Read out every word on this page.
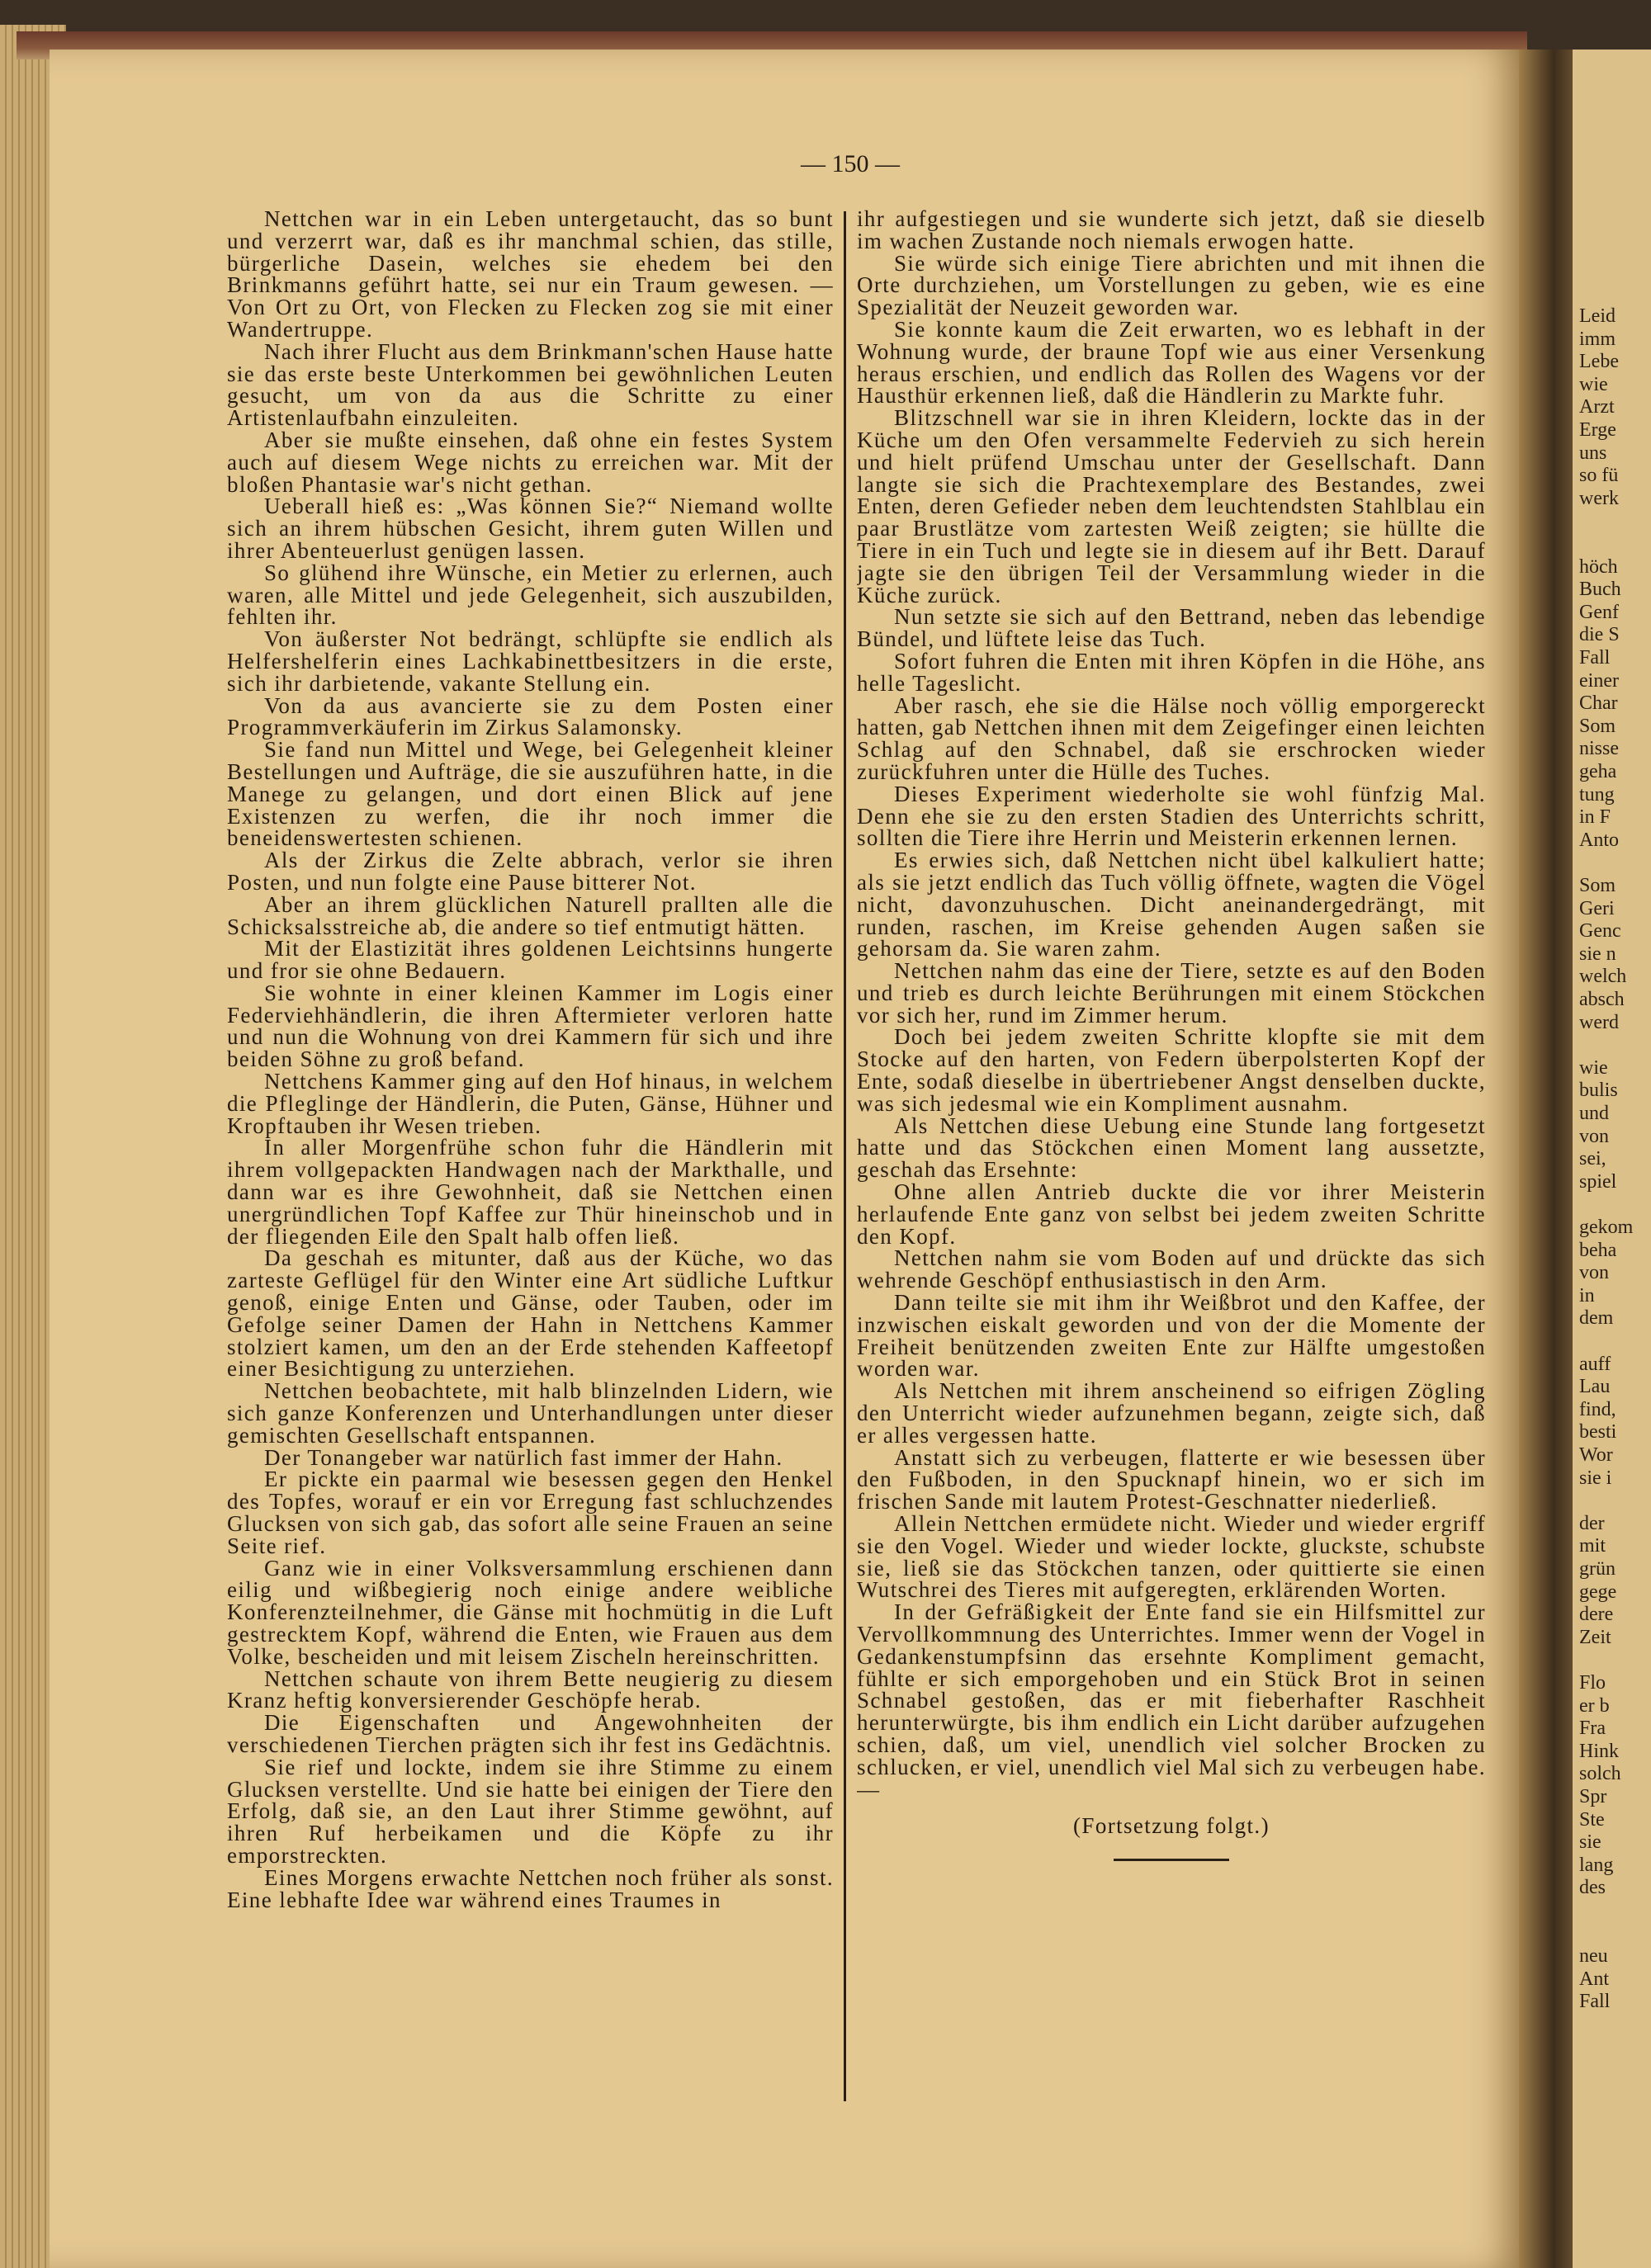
Leid
imm
Lebe
wie
Arzt
Erge
uns
so fü
werk
höch
Buch
Genf
die S
Fall
einer
Char
Som
nisse
geha
tung
in F
Anto
Som
Geri
Genc
sie n
welch
absch
werd
wie
bulis
und
von
sei,
spiel
gekom
beha
von
in
dem
auff
Lau
find,
besti
Wor
sie i
der
mit
grün
gege
dere
Zeit
Flo
er b
Fra
Hink
solch
Spr
Ste
sie
lang
des
neu
Ant
Fall
— 150 —

Nettchen war in ein Leben untergetaucht, das so bunt und verzerrt war, daß es ihr manchmal schien, das stille, bürgerliche Dasein, welches sie ehedem bei den Brinkmanns geführt hatte, sei nur ein Traum gewesen. — Von Ort zu Ort, von Flecken zu Flecken zog sie mit einer Wandertruppe.

Nach ihrer Flucht aus dem Brinkmann'schen Hause hatte sie das erste beste Unterkommen bei gewöhnlichen Leuten gesucht, um von da aus die Schritte zu einer Artistenlaufbahn einzuleiten.

Aber sie mußte einsehen, daß ohne ein festes System auch auf diesem Wege nichts zu erreichen war. Mit der bloßen Phantasie war's nicht gethan.

Ueberall hieß es: „Was können Sie?“ Niemand wollte sich an ihrem hübschen Gesicht, ihrem guten Willen und ihrer Abenteuerlust genügen lassen.

So glühend ihre Wünsche, ein Metier zu erlernen, auch waren, alle Mittel und jede Gelegenheit, sich auszubilden, fehlten ihr.

Von äußerster Not bedrängt, schlüpfte sie endlich als Helfershelferin eines Lachkabinettbesitzers in die erste, sich ihr darbietende, vakante Stellung ein.

Von da aus avancierte sie zu dem Posten einer Programmverkäuferin im Zirkus Salamonsky.

Sie fand nun Mittel und Wege, bei Gelegenheit kleiner Bestellungen und Aufträge, die sie auszuführen hatte, in die Manege zu gelangen, und dort einen Blick auf jene Existenzen zu werfen, die ihr noch immer die beneidenswertesten schienen.

Als der Zirkus die Zelte abbrach, verlor sie ihren Posten, und nun folgte eine Pause bitterer Not.

Aber an ihrem glücklichen Naturell prallten alle die Schicksalsstreiche ab, die andere so tief entmutigt hätten.

Mit der Elastizität ihres goldenen Leichtsinns hungerte und fror sie ohne Bedauern.

Sie wohnte in einer kleinen Kammer im Logis einer Federviehhändlerin, die ihren Aftermieter verloren hatte und nun die Wohnung von drei Kammern für sich und ihre beiden Söhne zu groß befand.

Nettchens Kammer ging auf den Hof hinaus, in welchem die Pfleglinge der Händlerin, die Puten, Gänse, Hühner und Kropftauben ihr Wesen trieben.

In aller Morgenfrühe schon fuhr die Händlerin mit ihrem vollgepackten Handwagen nach der Markthalle, und dann war es ihre Gewohnheit, daß sie Nettchen einen unergründlichen Topf Kaffee zur Thür hineinschob und in der fliegenden Eile den Spalt halb offen ließ.

Da geschah es mitunter, daß aus der Küche, wo das zarteste Geflügel für den Winter eine Art südliche Luftkur genoß, einige Enten und Gänse, oder Tauben, oder im Gefolge seiner Damen der Hahn in Nettchens Kammer stolziert kamen, um den an der Erde stehenden Kaffeetopf einer Besichtigung zu unterziehen.

Nettchen beobachtete, mit halb blinzelnden Lidern, wie sich ganze Konferenzen und Unterhandlungen unter dieser gemischten Gesellschaft entspannen.

Der Tonangeber war natürlich fast immer der Hahn.

Er pickte ein paarmal wie besessen gegen den Henkel des Topfes, worauf er ein vor Erregung fast schluchzendes Glucksen von sich gab, das sofort alle seine Frauen an seine Seite rief.

Ganz wie in einer Volksversammlung erschienen dann eilig und wißbegierig noch einige andere weibliche Konferenzteilnehmer, die Gänse mit hochmütig in die Luft gestrecktem Kopf, während die Enten, wie Frauen aus dem Volke, bescheiden und mit leisem Zischeln hereinschritten.

Nettchen schaute von ihrem Bette neugierig zu diesem Kranz heftig konversierender Geschöpfe herab.

Die Eigenschaften und Angewohnheiten der verschiedenen Tierchen prägten sich ihr fest ins Gedächtnis.

Sie rief und lockte, indem sie ihre Stimme zu einem Glucksen verstellte. Und sie hatte bei einigen der Tiere den Erfolg, daß sie, an den Laut ihrer Stimme gewöhnt, auf ihren Ruf herbeikamen und die Köpfe zu ihr emporstreckten.

Eines Morgens erwachte Nettchen noch früher als sonst. Eine lebhafte Idee war während eines Traumes in

ihr aufgestiegen und sie wunderte sich jetzt, daß sie dieselb im wachen Zustande noch niemals erwogen hatte.

Sie würde sich einige Tiere abrichten und mit ihnen die Orte durchziehen, um Vorstellungen zu geben, wie es eine Spezialität der Neuzeit geworden war.

Sie konnte kaum die Zeit erwarten, wo es lebhaft in der Wohnung wurde, der braune Topf wie aus einer Versenkung heraus erschien, und endlich das Rollen des Wagens vor der Hausthür erkennen ließ, daß die Händlerin zu Markte fuhr.

Blitzschnell war sie in ihren Kleidern, lockte das in der Küche um den Ofen versammelte Federvieh zu sich herein und hielt prüfend Umschau unter der Gesellschaft. Dann langte sie sich die Prachtexemplare des Bestandes, zwei Enten, deren Gefieder neben dem leuchtendsten Stahlblau ein paar Brustlätze vom zartesten Weiß zeigten; sie hüllte die Tiere in ein Tuch und legte sie in diesem auf ihr Bett. Darauf jagte sie den übrigen Teil der Versammlung wieder in die Küche zurück.

Nun setzte sie sich auf den Bettrand, neben das lebendige Bündel, und lüftete leise das Tuch.

Sofort fuhren die Enten mit ihren Köpfen in die Höhe, ans helle Tageslicht.

Aber rasch, ehe sie die Hälse noch völlig emporgereckt hatten, gab Nettchen ihnen mit dem Zeigefinger einen leichten Schlag auf den Schnabel, daß sie erschrocken wieder zurückfuhren unter die Hülle des Tuches.

Dieses Experiment wiederholte sie wohl fünfzig Mal. Denn ehe sie zu den ersten Stadien des Unterrichts schritt, sollten die Tiere ihre Herrin und Meisterin erkennen lernen.

Es erwies sich, daß Nettchen nicht übel kalkuliert hatte; als sie jetzt endlich das Tuch völlig öffnete, wagten die Vögel nicht, davonzuhuschen. Dicht aneinandergedrängt, mit runden, raschen, im Kreise gehenden Augen saßen sie gehorsam da. Sie waren zahm.

Nettchen nahm das eine der Tiere, setzte es auf den Boden und trieb es durch leichte Berührungen mit einem Stöckchen vor sich her, rund im Zimmer herum.

Doch bei jedem zweiten Schritte klopfte sie mit dem Stocke auf den harten, von Federn überpolsterten Kopf der Ente, sodaß dieselbe in übertriebener Angst denselben duckte, was sich jedesmal wie ein Kompliment ausnahm.

Als Nettchen diese Uebung eine Stunde lang fortgesetzt hatte und das Stöckchen einen Moment lang aussetzte, geschah das Ersehnte:

Ohne allen Antrieb duckte die vor ihrer Meisterin herlaufende Ente ganz von selbst bei jedem zweiten Schritte den Kopf.

Nettchen nahm sie vom Boden auf und drückte das sich wehrende Geschöpf enthusiastisch in den Arm.

Dann teilte sie mit ihm ihr Weißbrot und den Kaffee, der inzwischen eiskalt geworden und von der die Momente der Freiheit benützenden zweiten Ente zur Hälfte umgestoßen worden war.

Als Nettchen mit ihrem anscheinend so eifrigen Zögling den Unterricht wieder aufzunehmen begann, zeigte sich, daß er alles vergessen hatte.

Anstatt sich zu verbeugen, flatterte er wie besessen über den Fußboden, in den Spucknapf hinein, wo er sich im frischen Sande mit lautem Protest-Geschnatter niederließ.

Allein Nettchen ermüdete nicht. Wieder und wieder ergriff sie den Vogel. Wieder und wieder lockte, gluckste, schubste sie, ließ sie das Stöckchen tanzen, oder quittierte sie einen Wutschrei des Tieres mit aufgeregten, erklärenden Worten.

In der Gefräßigkeit der Ente fand sie ein Hilfsmittel zur Vervollkommnung des Unterrichtes. Immer wenn der Vogel in Gedankenstumpfsinn das ersehnte Kompliment gemacht, fühlte er sich emporgehoben und ein Stück Brot in seinen Schnabel gestoßen, das er mit fieberhafter Raschheit herunterwürgte, bis ihm endlich ein Licht darüber aufzugehen schien, daß, um viel, unendlich viel solcher Brocken zu schlucken, er viel, unendlich viel Mal sich zu verbeugen habe. —

(Fortsetzung folgt.)
